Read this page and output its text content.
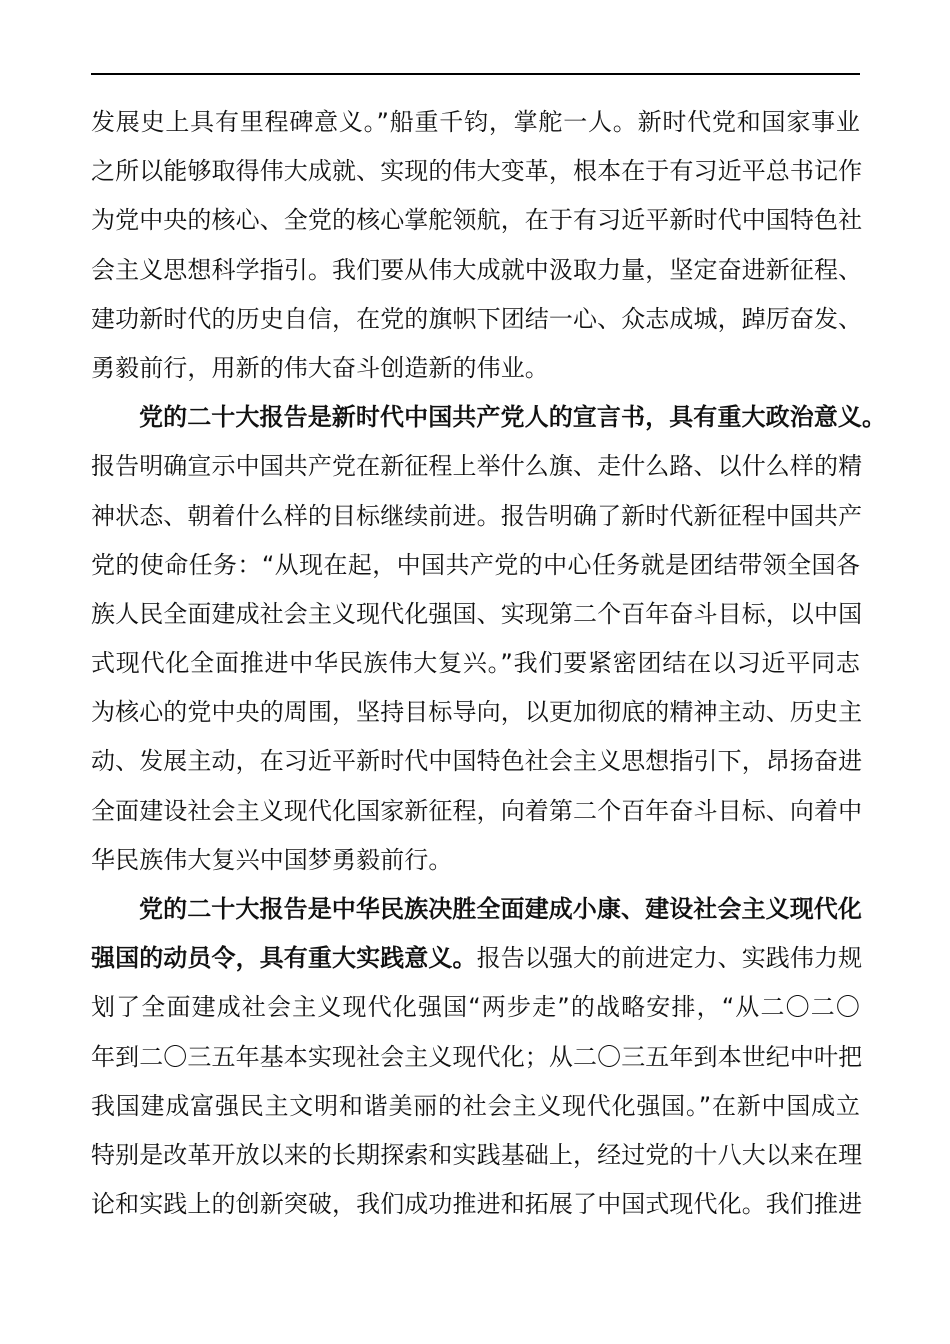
发展史上具有里程碑意义。”船重千钧，掌舵一人。新时代党和国家事业
之所以能够取得伟大成就、实现的伟大变革，根本在于有习近平总书记作
为党中央的核心、全党的核心掌舵领航，在于有习近平新时代中国特色社
会主义思想科学指引。我们要从伟大成就中汲取力量，坚定奋进新征程、
建功新时代的历史自信，在党的旗帜下团结一心、众志成城，踔厉奋发、
勇毅前行，用新的伟大奋斗创造新的伟业。
党的二十大报告是新时代中国共产党人的宣言书，具有重大政治意义。
报告明确宣示中国共产党在新征程上举什么旗、走什么路、以什么样的精
神状态、朝着什么样的目标继续前进。报告明确了新时代新征程中国共产
党的使命任务：“从现在起，中国共产党的中心任务就是团结带领全国各
族人民全面建成社会主义现代化强国、实现第二个百年奋斗目标，以中国
式现代化全面推进中华民族伟大复兴。”我们要紧密团结在以习近平同志
为核心的党中央的周围，坚持目标导向，以更加彻底的精神主动、历史主
动、发展主动，在习近平新时代中国特色社会主义思想指引下，昂扬奋进
全面建设社会主义现代化国家新征程，向着第二个百年奋斗目标、向着中
华民族伟大复兴中国梦勇毅前行。
党的二十大报告是中华民族决胜全面建成小康、建设社会主义现代化
强国的动员令，具有重大实践意义。报告以强大的前进定力、实践伟力规
划了全面建成社会主义现代化强国“两步走”的战略安排，“从二〇二〇
年到二〇三五年基本实现社会主义现代化；从二〇三五年到本世纪中叶把
我国建成富强民主文明和谐美丽的社会主义现代化强国。”在新中国成立
特别是改革开放以来的长期探索和实践基础上，经过党的十八大以来在理
论和实践上的创新突破，我们成功推进和拓展了中国式现代化。我们推进
